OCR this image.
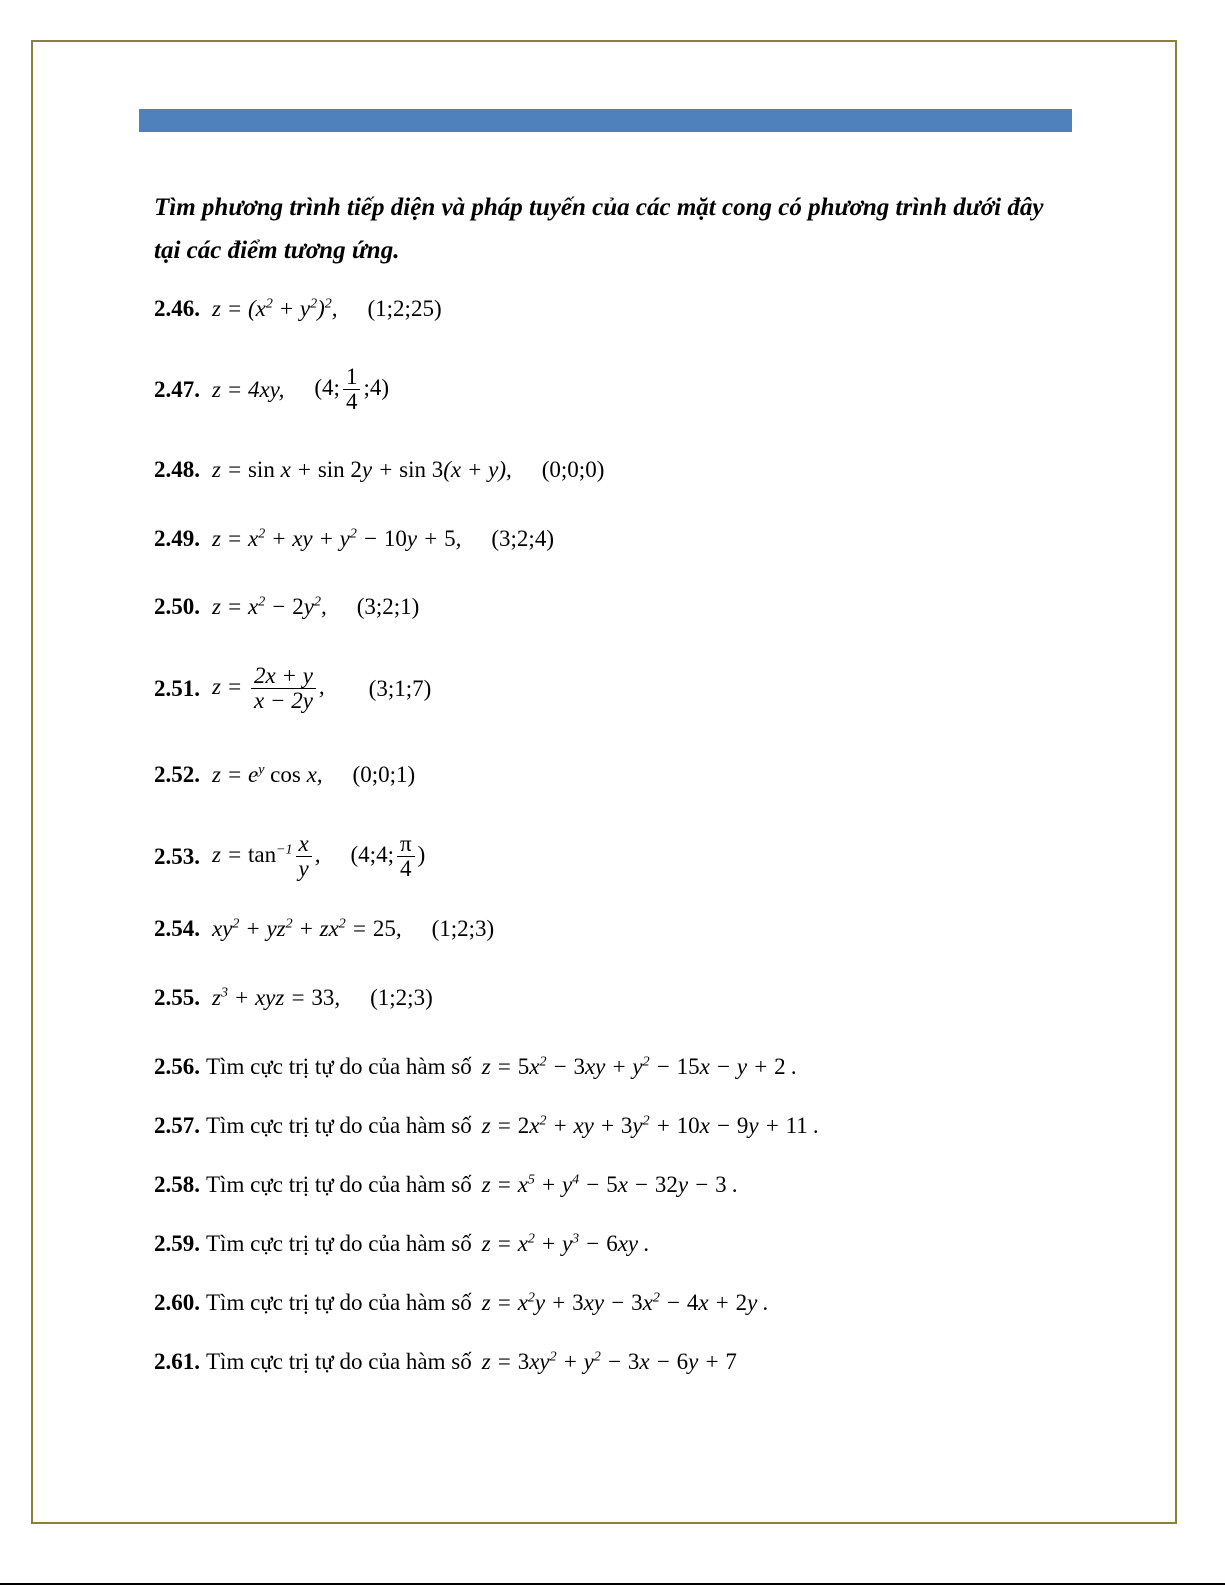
Tìm phương trình tiếp diện và pháp tuyến của các mặt cong có phương trình dưới đây tại các điểm tương ứng.

2.46. $z = (x^2 + y^2)^2$, (1;2;25)
2.47. z = 4xy, (4; $\frac{1}{4}$ ;4)
2.48. z = sin x + sin 2y + sin 3(x + y), (0;0;0)
2.49. $z = x^2$ + xy + $y^2 - 10y + 5$, (3;2;4)
2.50. $z = x^2 - 2y^2$, (3;2;1)
2.51. $z = \frac{2x + y}{x - 2y}$ , (3;1;7)
2.52. $z = e^y$ cos x, (0;0;1)
2.53. $z = \tan^{-1} \frac{x}{y}$ , (4;4; $\frac{\pi}{4}$ )
2.54. $xy^2 + yz^2 + zx^2 = 25$, (1;2;3)
2.55. $z^3$ + xyz = 33, (1;2;3)
2.56. Tìm cực trị tự do của hàm số $z = 5x^2 - 3xy + y^2 - 15x - y + 2$ .
2.57. Tìm cực trị tự do của hàm số $z = 2x^2$ + xy + $3y^2 + 10x - 9y + 11$ .
2.58. Tìm cực trị tự do của hàm số $z = x^5 + y^4 - 5x - 32y - 3$ .
2.59. Tìm cực trị tự do của hàm số $z = x^2 + y^3 - 6xy$ .
2.60. Tìm cực trị tự do của hàm số $z = x^2y + 3xy - 3x^2 - 4x + 2y$ .
2.61. Tìm cực trị tự do của hàm số $z = 3xy^2 + y^2 - 3x - 6y + 7$
